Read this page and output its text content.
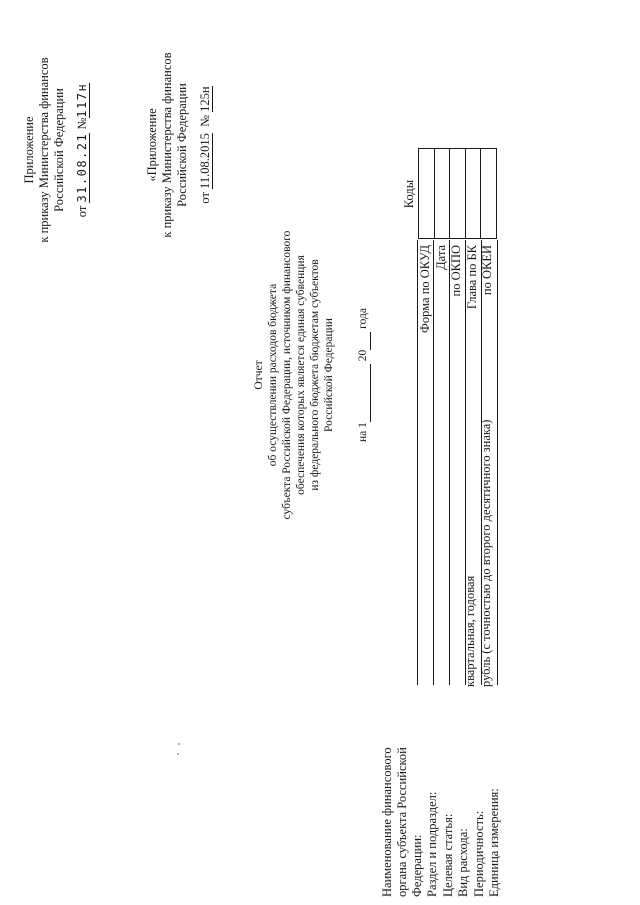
Приложение к приказу Министерства финансов Российской Федерации от 31.08.21 №117н
«Приложение к приказу Министерства финансов Российской Федерации от 11.08.2015  № 125н
Отчет об осуществлении расходов бюджета субъекта Российской Федерации, источником финансового обеспечения которых является единая субвенция из федерального бюджета бюджетам субъектов Российской Федерации
на 1  20  года
Коды
Форма по ОКУД Дата по ОКПО Глава по БК по ОКЕИ
Наименование финансового органа субъекта Российской Федерации: Раздел и подраздел: Целевая статья: Вид расхода: Периодичность: Единица измерения:
квартальная, годовая рубль (с точностью до второго десятичного знака)
